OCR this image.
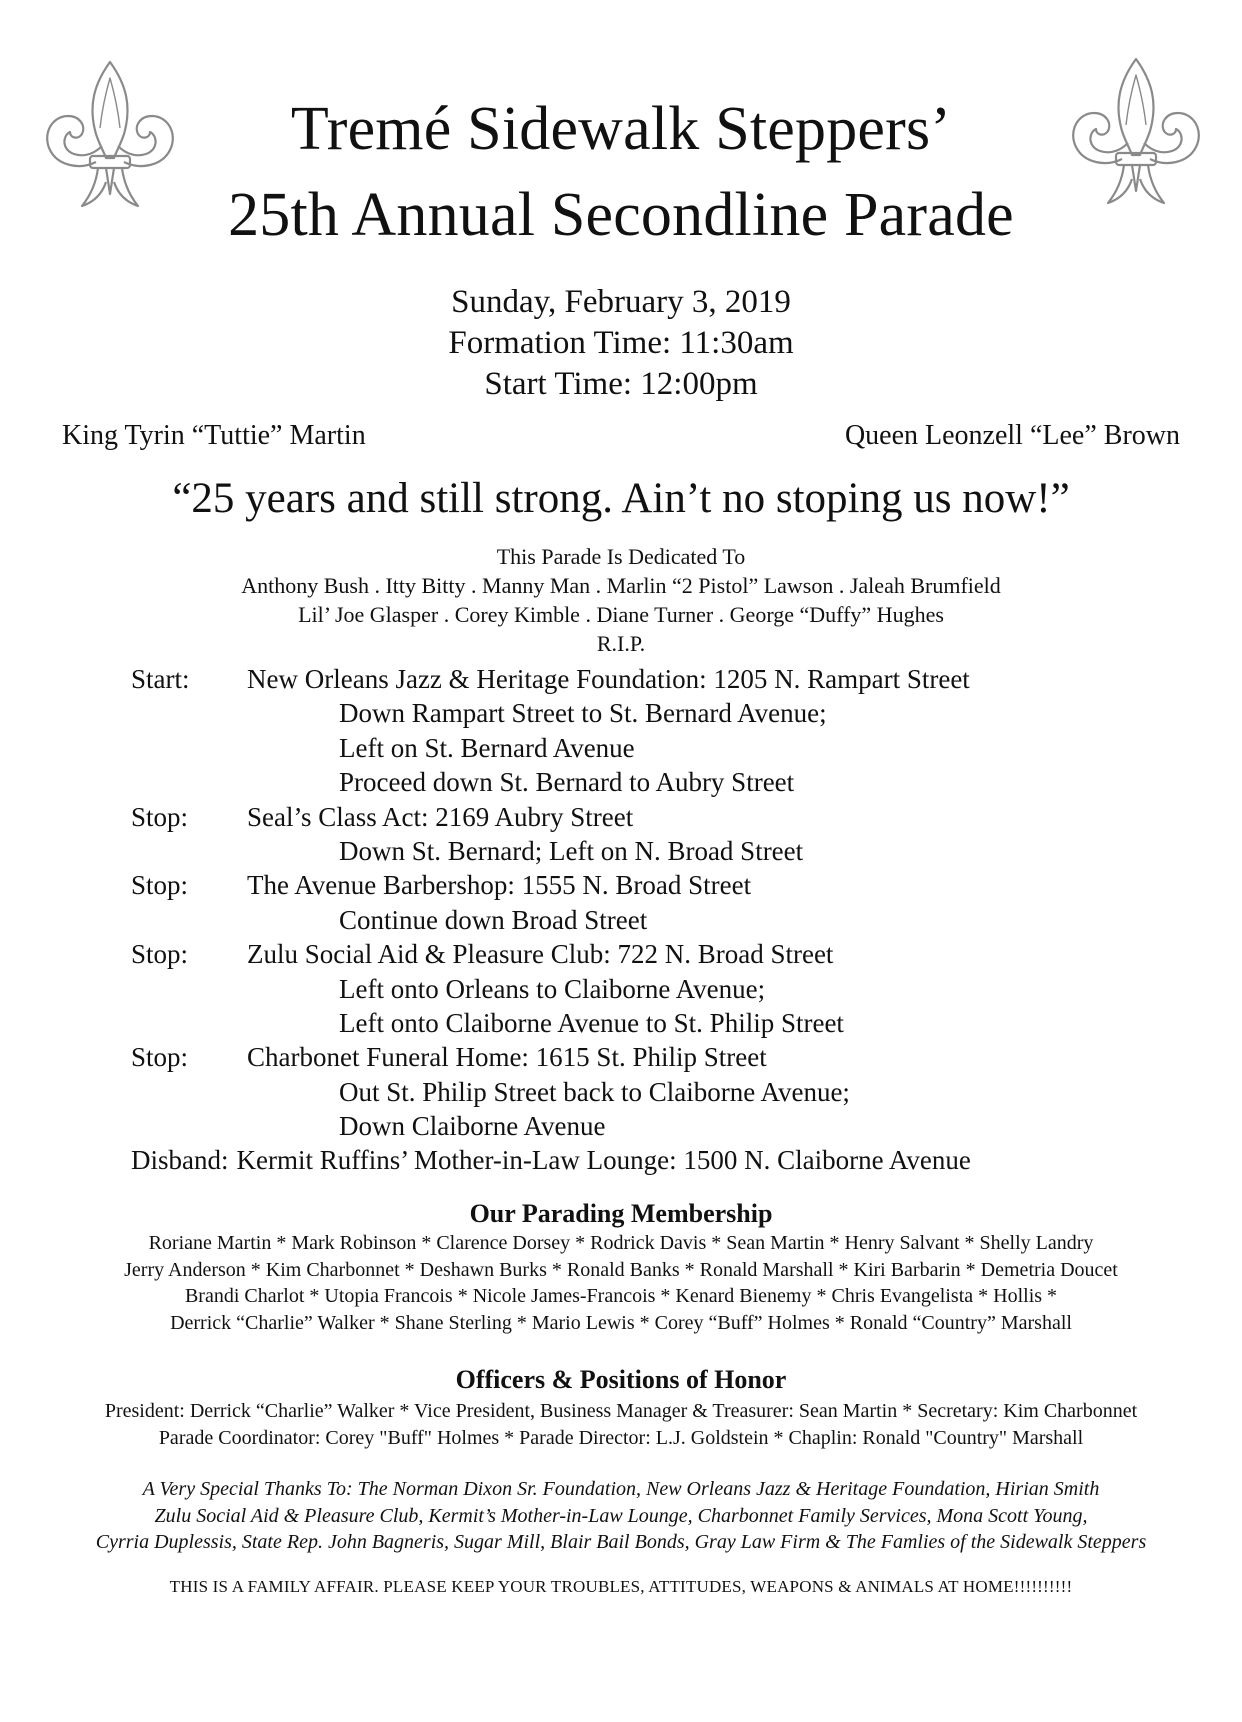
Tremé Sidewalk Steppers’
25th Annual Secondline Parade
Sunday, February 3, 2019
Formation Time: 11:30am
Start Time: 12:00pm
King Tyrin “Tuttie” Martin	Queen Leonzell “Lee” Brown
“25 years and still strong. Ain’t no stoping us now!”
This Parade Is Dedicated To
Anthony Bush . Itty Bitty . Manny Man . Marlin “2 Pistol” Lawson . Jaleah Brumfield
Lil’ Joe Glasper . Corey Kimble . Diane Turner . George “Duffy” Hughes
R.I.P.
Start: New Orleans Jazz & Heritage Foundation: 1205 N. Rampart Street
Down Rampart Street to St. Bernard Avenue;
Left on St. Bernard Avenue
Proceed down St. Bernard to Aubry Street
Stop: Seal’s Class Act: 2169 Aubry Street
Down St. Bernard; Left on N. Broad Street
Stop: The Avenue Barbershop: 1555 N. Broad Street
Continue down Broad Street
Stop: Zulu Social Aid & Pleasure Club: 722 N. Broad Street
Left onto Orleans to Claiborne Avenue;
Left onto Claiborne Avenue to St. Philip Street
Stop: Charbonet Funeral Home: 1615 St. Philip Street
Out St. Philip Street back to Claiborne Avenue;
Down Claiborne Avenue
Disband: Kermit Ruffins’ Mother-in-Law Lounge: 1500 N. Claiborne Avenue
Our Parading Membership
Roriane Martin * Mark Robinson * Clarence Dorsey * Rodrick Davis * Sean Martin * Henry Salvant * Shelly Landry
Jerry Anderson * Kim Charbonnet * Deshawn Burks * Ronald Banks * Ronald Marshall * Kiri Barbarin * Demetria Doucet
Brandi Charlot * Utopia Francois * Nicole James-Francois * Kenard Bienemy * Chris Evangelista * Hollis *
Derrick “Charlie” Walker * Shane Sterling * Mario Lewis * Corey “Buff” Holmes * Ronald “Country” Marshall
Officers & Positions of Honor
President: Derrick “Charlie” Walker * Vice President, Business Manager & Treasurer: Sean Martin * Secretary: Kim Charbonnet
Parade Coordinator: Corey "Buff" Holmes * Parade Director: L.J. Goldstein * Chaplin: Ronald "Country" Marshall
A Very Special Thanks To: The Norman Dixon Sr. Foundation, New Orleans Jazz & Heritage Foundation, Hirian Smith
Zulu Social Aid & Pleasure Club, Kermit’s Mother-in-Law Lounge, Charbonnet Family Services, Mona Scott Young,
Cyrria Duplessis, State Rep. John Bagneris, Sugar Mill, Blair Bail Bonds, Gray Law Firm & The Famlies of the Sidewalk Steppers
THIS IS A FAMILY AFFAIR. PLEASE KEEP YOUR TROUBLES, ATTITUDES, WEAPONS & ANIMALS AT HOME!!!!!!!!!!
